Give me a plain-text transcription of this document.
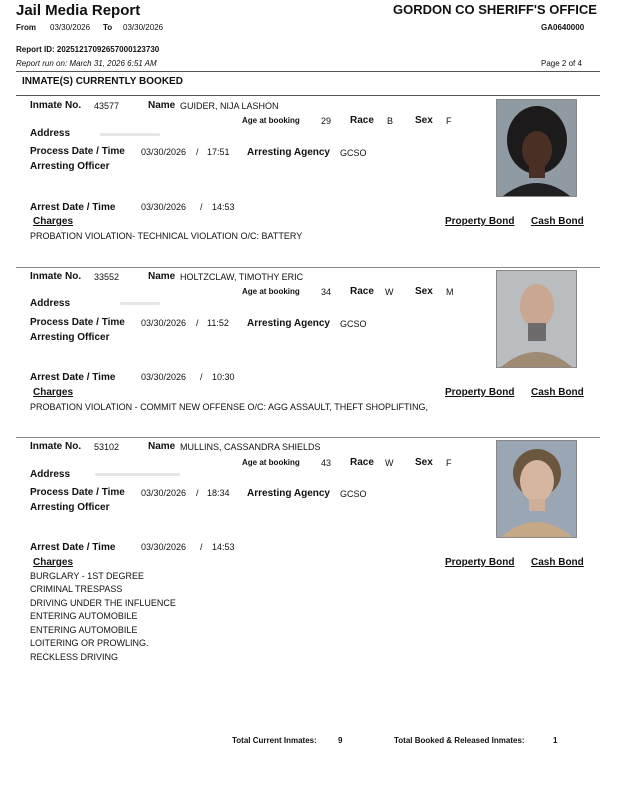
Jail Media Report	GORDON CO SHERIFF'S OFFICE
From 03/30/2026 To 03/30/2026	GA0640000
Report ID: 20251217092657000123730
Report run on: March 31, 2026 6:51 AM	Page 2 of 4
INMATE(S) CURRENTLY BOOKED
Inmate No. 43577	Name GUIDER, NIJA LASHON
Age at booking 29 Race B Sex F
Address
Process Date / Time 03/30/2026 / 17:51 Arresting Agency GCSO
Arresting Officer
Arrest Date / Time	03/30/2026 / 14:53
Charges	Property Bond Cash Bond
PROBATION VIOLATION- TECHNICAL VIOLATION O/C: BATTERY
Inmate No. 33552	Name HOLTZCLAW, TIMOTHY ERIC
Age at booking 34 Race W Sex M
Address
Process Date / Time 03/30/2026 / 11:52 Arresting Agency GCSO
Arresting Officer
Arrest Date / Time	03/30/2026 / 10:30
Charges	Property Bond Cash Bond
PROBATION VIOLATION - COMMIT NEW OFFENSE O/C: AGG ASSAULT, THEFT SHOPLIFTING,
Inmate No. 53102	Name MULLINS, CASSANDRA SHIELDS
Age at booking 43 Race W Sex F
Address
Process Date / Time 03/30/2026 / 18:34 Arresting Agency GCSO
Arresting Officer
Arrest Date / Time	03/30/2026 / 14:53
Charges	Property Bond Cash Bond
BURGLARY - 1ST DEGREE
CRIMINAL TRESPASS
DRIVING UNDER THE INFLUENCE
ENTERING AUTOMOBILE
ENTERING AUTOMOBILE
LOITERING OR PROWLING.
RECKLESS DRIVING
Total Current Inmates:	9	Total Booked & Released Inmates:	1
